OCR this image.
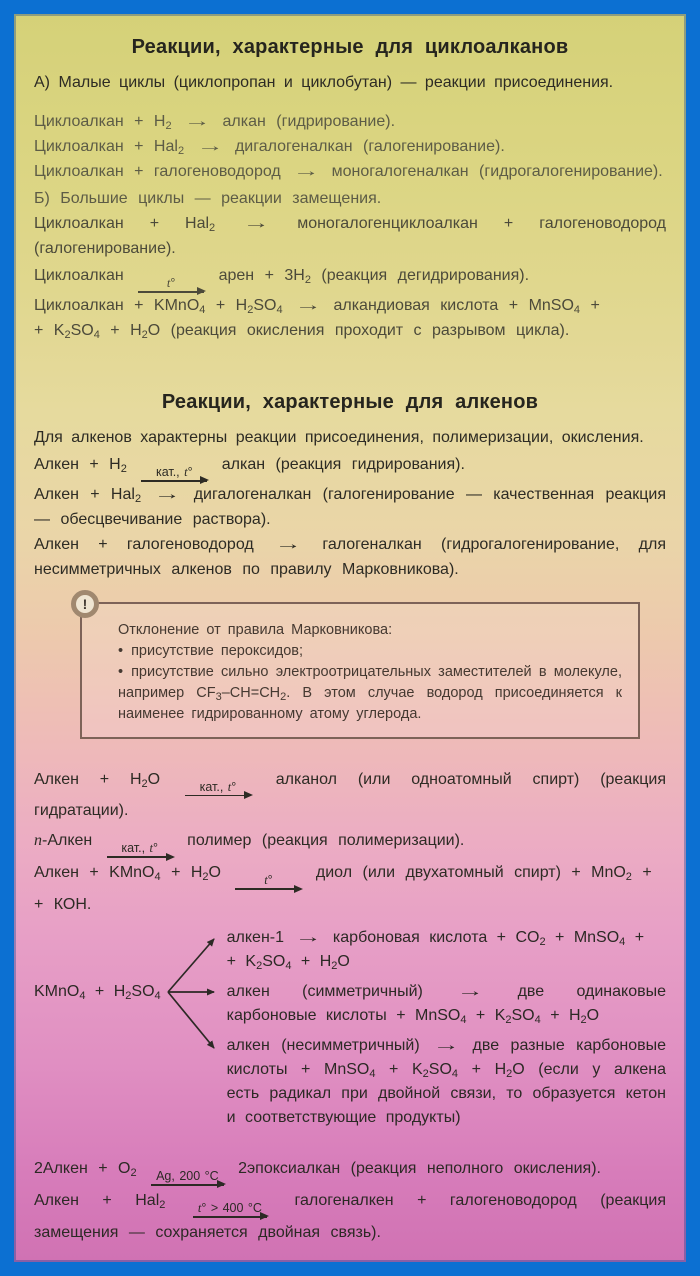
Реакции, характерные для циклоалканов

А) Малые циклы (циклопропан и циклобутан) — реакции присоединения.

Циклоалкан + $H_2$ → алкан (гидрирование).

Циклоалкан + Hal$_2$ → дигалогеналкан (галогенирование).

Циклоалкан + галогеноводород → моногалогеналкан (гидрогалогенирование).

Б) Большие циклы — реакции замещения.

Циклоалкан + Hal$_2$ → моногалогенциклоалкан + галогеноводород (галогенирование).

Циклоалкан	t°	арен + $3H_2$ (реакция дегидрирования).

Циклоалкан + KMnO$_4$ + $H_2SO_4$ → алкандиовая кислота + MnSO$_4$ +
+ $K_2SO_4 + H_2O$ (реакция окисления проходит с разрывом цикла).

Реакции, характерные для алкенов

Для алкенов характерны реакции присоединения, полимеризации, окисления.

Алкен + $H_2$	кат., t°	алкан (реакция гидрирования).

Алкен + Hal$_2$ → дигалогеналкан (галогенирование — качественная реакция — обесцвечивание раствора).

Алкен + галогеноводород → галогеналкан (гидрогалогенирование, для несимметричных алкенов по правилу Марковникова).

!

Отклонение от правила Марковникова:

• присутствие пероксидов;

• присутствие сильно электроотрицательных заместителей в молекуле, например $CF_3-CH=CH_2$. В этом случае водород присоединяется к наименее гидрированному атому углерода.

Алкен + $H_2O$	кат., t°	алканол (или одноатомный спирт) (реакция гидратации).

n-Алкен	кат., t°	полимер (реакция полимеризации).

Алкен + KMnO$_4$ + $H_2O$	t°	диол (или двухатомный спирт) + MnO$_2$ +
+ КОН.

KMnO$_4$ + $H_2SO_4$

алкен-1 → карбоновая кислота + $CO_2$ + MnSO$_4$ +
+ $K_2SO_4 + H_2O$

алкен (симметричный) → две одинаковые карбоновые кислоты + MnSO$_4$ + $K_2SO_4 + H_2O$

алкен (несимметричный) → две разные карбоновые кислоты + MnSO$_4$ + $K_2SO_4 + H_2O$ (если у алкена есть радикал при двойной связи, то образуется кетон и соответствующие продукты)

2Алкен + $O_2$	Ag, 200 °C 2эпоксиалкан (реакция неполного окисления).

Алкен + Hal$_2$	t° > 400 °C галогеналкен + галогеноводород (реакция замещения — сохраняется двойная связь).
